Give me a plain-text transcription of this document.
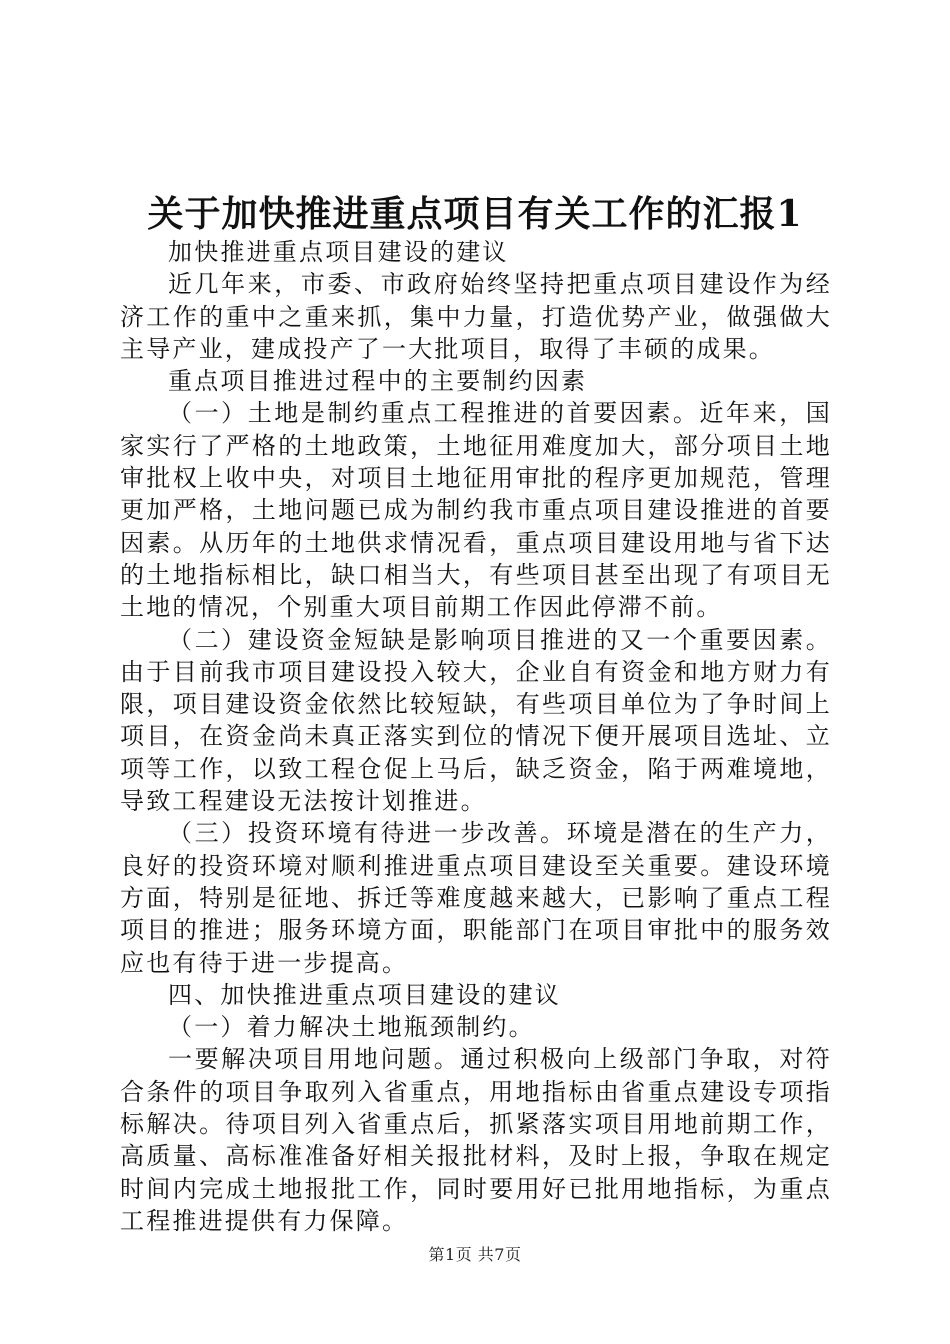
关于加快推进重点项目有关工作的汇报1

加快推进重点项目建设的建议

近几年来，市委、市政府始终坚持把重点项目建设作为经济工作的重中之重来抓，集中力量，打造优势产业，做强做大主导产业，建成投产了一大批项目，取得了丰硕的成果。

重点项目推进过程中的主要制约因素

（一）土地是制约重点工程推进的首要因素。近年来，国家实行了严格的土地政策，土地征用难度加大，部分项目土地审批权上收中央，对项目土地征用审批的程序更加规范，管理更加严格，土地问题已成为制约我市重点项目建设推进的首要因素。从历年的土地供求情况看，重点项目建设用地与省下达的土地指标相比，缺口相当大，有些项目甚至出现了有项目无土地的情况，个别重大项目前期工作因此停滞不前。

（二）建设资金短缺是影响项目推进的又一个重要因素。由于目前我市项目建设投入较大，企业自有资金和地方财力有限，项目建设资金依然比较短缺，有些项目单位为了争时间上项目，在资金尚未真正落实到位的情况下便开展项目选址、立项等工作，以致工程仓促上马后，缺乏资金，陷于两难境地，导致工程建设无法按计划推进。

（三）投资环境有待进一步改善。环境是潜在的生产力，良好的投资环境对顺利推进重点项目建设至关重要。建设环境方面，特别是征地、拆迁等难度越来越大，已影响了重点工程项目的推进；服务环境方面，职能部门在项目审批中的服务效应也有待于进一步提高。

四、加快推进重点项目建设的建议

（一）着力解决土地瓶颈制约。

一要解决项目用地问题。通过积极向上级部门争取，对符合条件的项目争取列入省重点，用地指标由省重点建设专项指标解决。待项目列入省重点后，抓紧落实项目用地前期工作，高质量、高标准准备好相关报批材料，及时上报，争取在规定时间内完成土地报批工作，同时要用好已批用地指标，为重点工程推进提供有力保障。

第1页 共7页
